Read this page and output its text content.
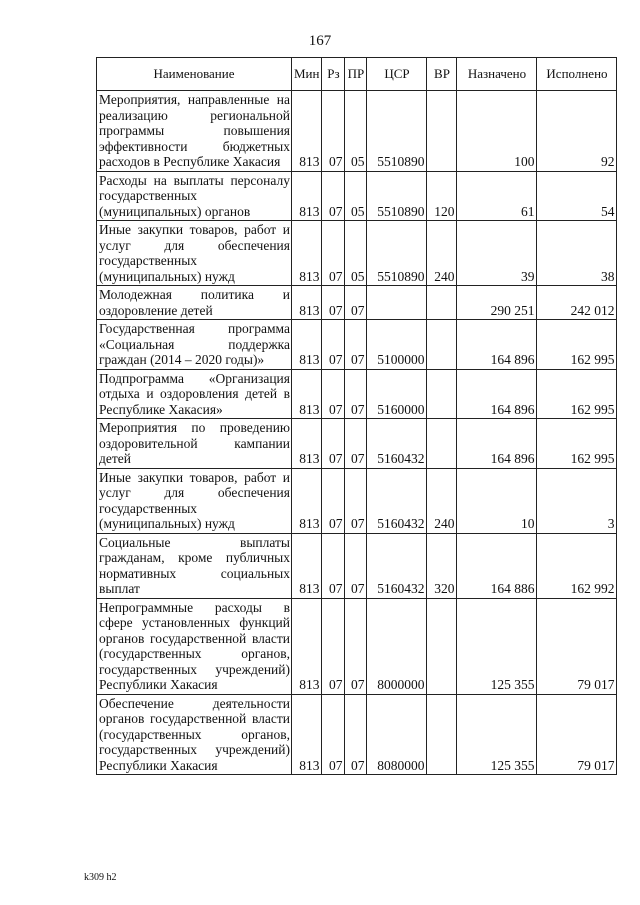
167
Наименование	Мин	Рз	ПР	ЦСР	ВР	Назначено	Исполнено
Мероприятия, направленные на реализацию региональной программы повышения эффективности бюджетных расходов в Республике Хакасия	813	07	05	5510890		100	92
Расходы на выплаты персоналу государственных (муниципальных) органов	813	07	05	5510890	120	61	54
Иные закупки товаров, работ и услуг для обеспечения государственных (муниципальных) нужд	813	07	05	5510890	240	39	38
Молодежная политика и оздоровление детей	813	07	07			290 251	242 012
Государственная программа «Социальная поддержка граждан (2014 – 2020 годы)»	813	07	07	5100000		164 896	162 995
Подпрограмма «Организация отдыха и оздоровления детей в Республике Хакасия»	813	07	07	5160000		164 896	162 995
Мероприятия по проведению оздоровительной кампании детей	813	07	07	5160432		164 896	162 995
Иные закупки товаров, работ и услуг для обеспечения государственных (муниципальных) нужд	813	07	07	5160432	240	10	3
Социальные выплаты гражданам, кроме публичных нормативных социальных выплат	813	07	07	5160432	320	164 886	162 992
Непрограммные расходы в сфере установленных функций органов государственной власти (государственных органов, государственных учреждений) Республики Хакасия	813	07	07	8000000		125 355	79 017
Обеспечение деятельности органов государственной власти (государственных органов, государственных учреждений) Республики Хакасия	813	07	07	8080000		125 355	79 017
k309 h2
